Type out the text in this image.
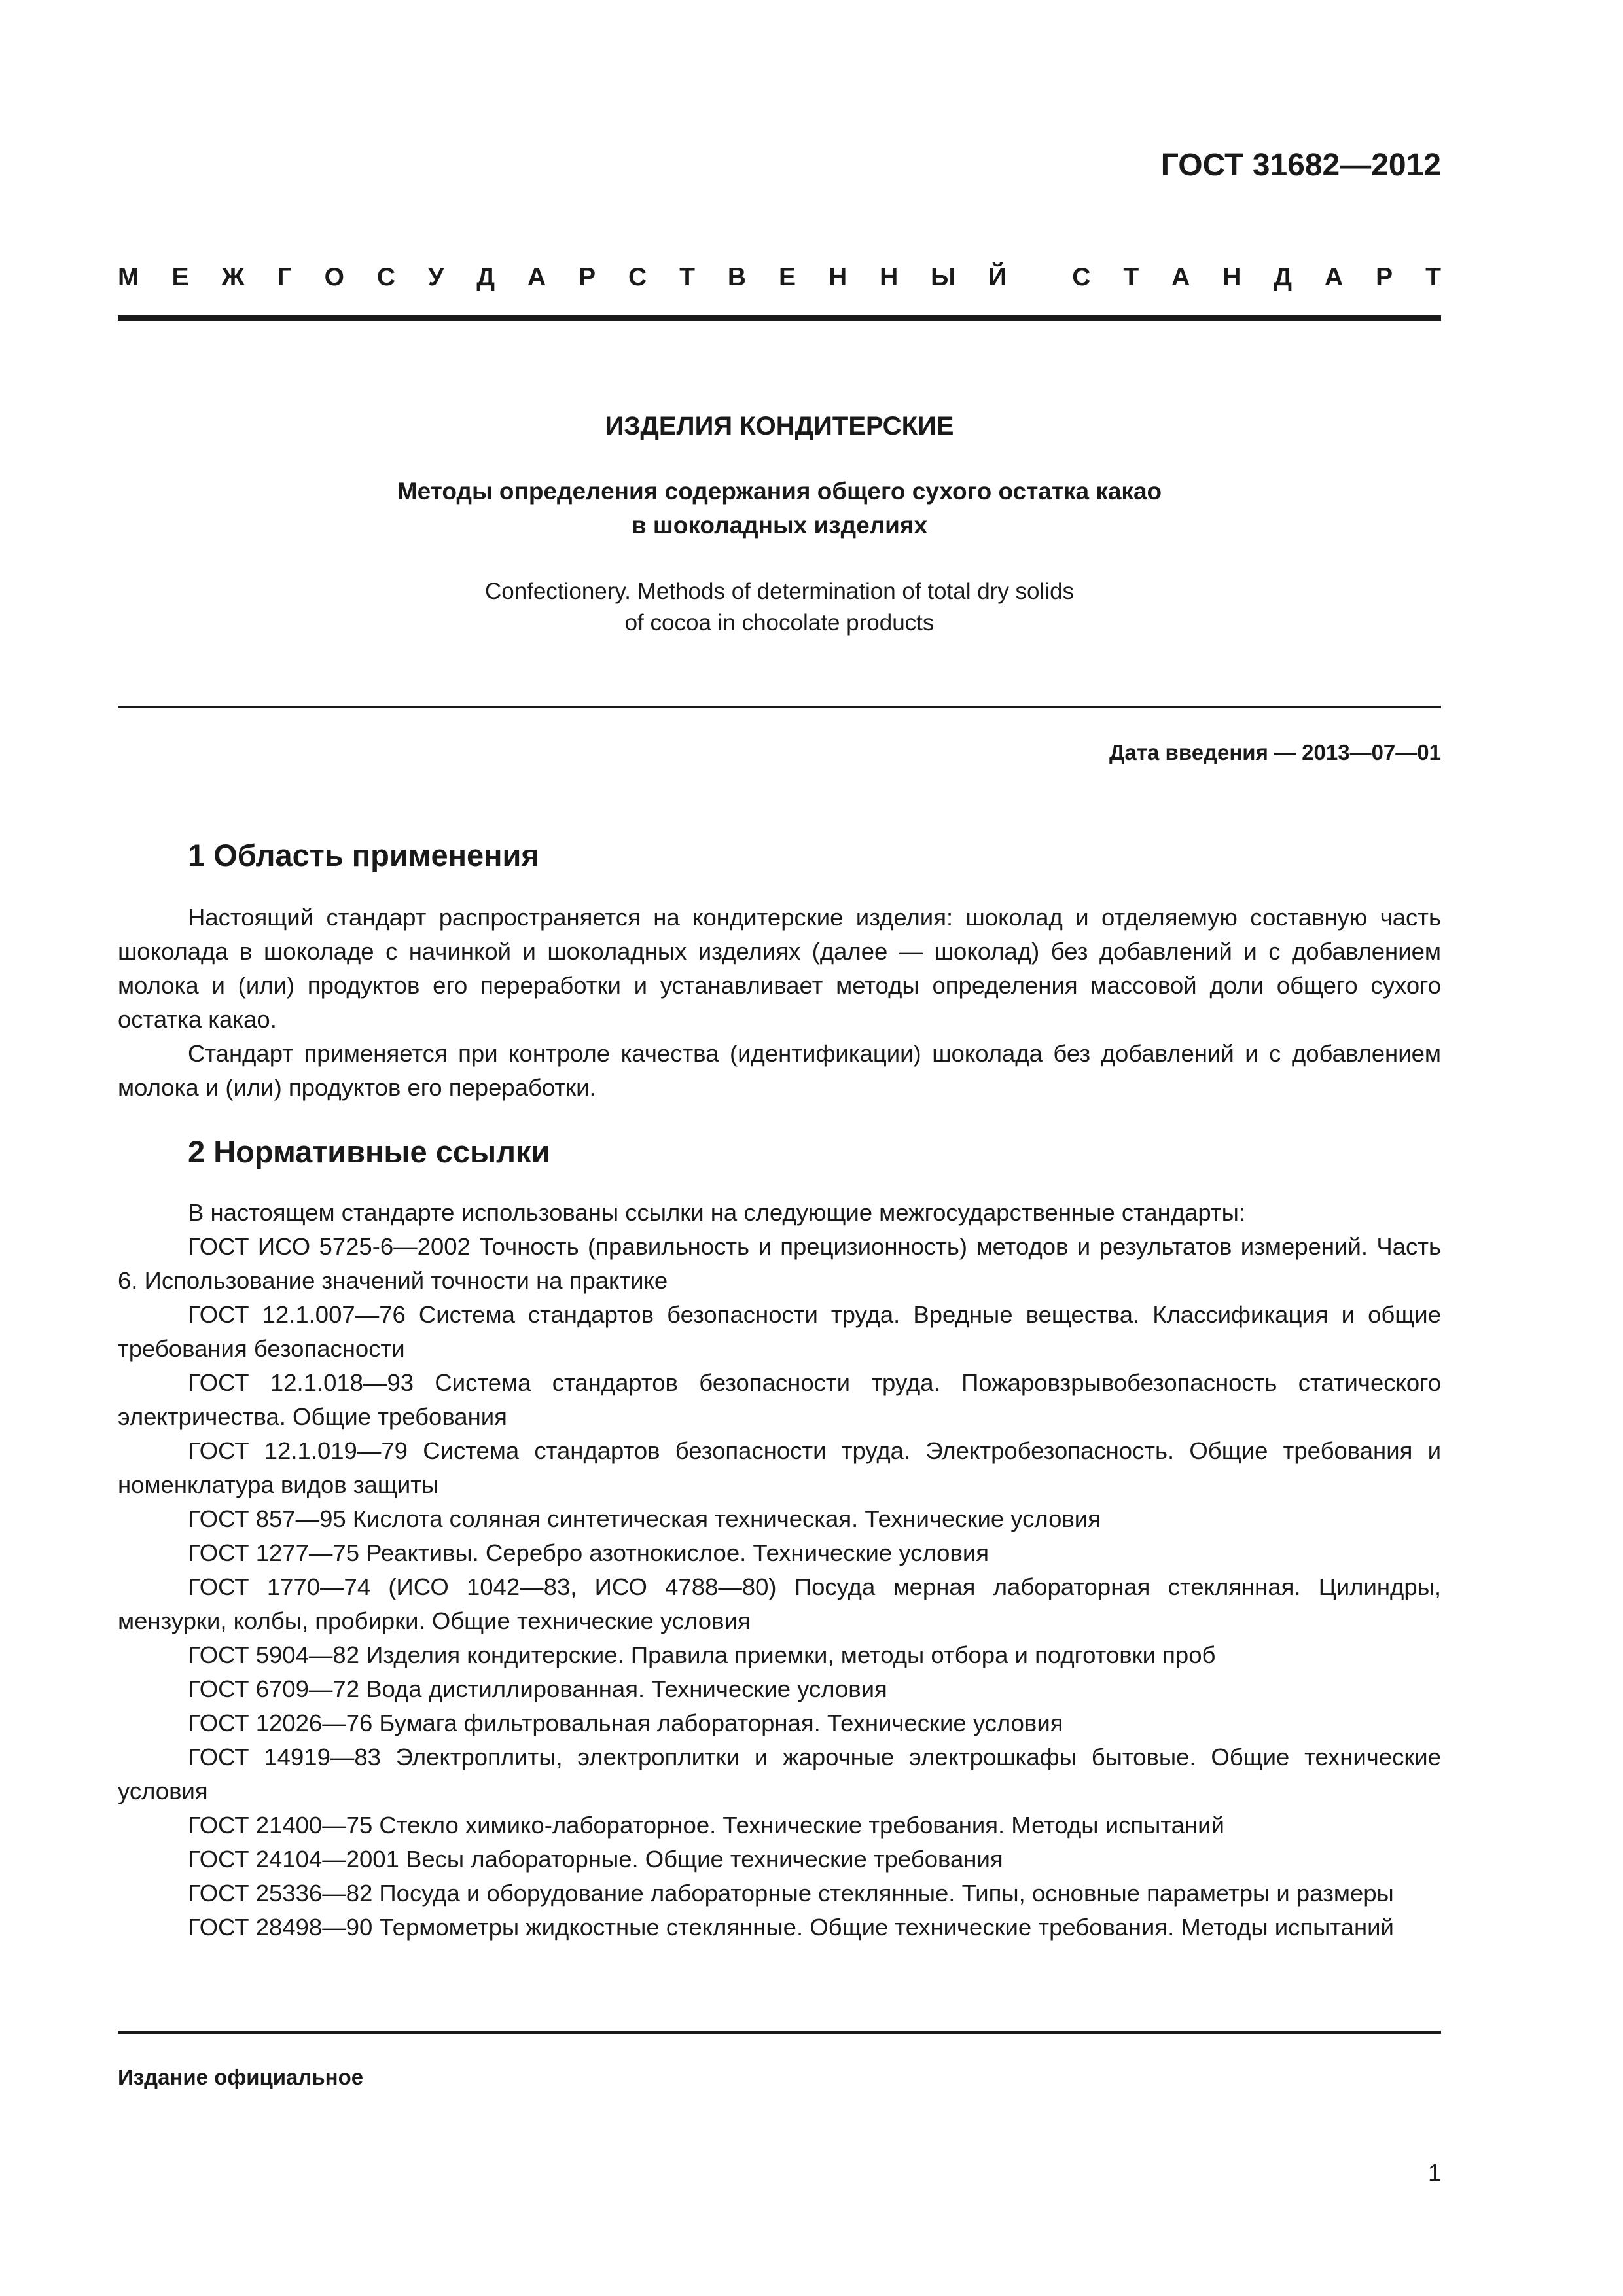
ГОСТ 31682—2012
М Е Ж Г О С У Д А Р С Т В Е Н Н Ы Й	С Т А Н Д А Р Т
ИЗДЕЛИЯ КОНДИТЕРСКИЕ
Методы определения содержания общего сухого остатка какао
в шоколадных изделиях
Confectionery. Methods of determination of total dry solids
of cocoa in chocolate products
Дата введения — 2013—07—01
1 Область применения
Настоящий стандарт распространяется на кондитерские изделия: шоколад и отделяемую составную часть шоколада в шоколаде с начинкой и шоколадных изделиях (далее — шоколад) без добавлений и с добавлением молока и (или) продуктов его переработки и устанавливает методы определения массовой доли общего сухого остатка какао.
Стандарт применяется при контроле качества (идентификации) шоколада без добавлений и с добавлением молока и (или) продуктов его переработки.
2 Нормативные ссылки
В настоящем стандарте использованы ссылки на следующие межгосударственные стандарты:
ГОСТ ИСО 5725-6—2002 Точность (правильность и прецизионность) методов и результатов измерений. Часть 6. Использование значений точности на практике
ГОСТ 12.1.007—76 Система стандартов безопасности труда. Вредные вещества. Классификация и общие требования безопасности
ГОСТ 12.1.018—93 Система стандартов безопасности труда. Пожаровзрывобезопасность статического электричества. Общие требования
ГОСТ 12.1.019—79 Система стандартов безопасности труда. Электробезопасность. Общие требования и номенклатура видов защиты
ГОСТ 857—95 Кислота соляная синтетическая техническая. Технические условия
ГОСТ 1277—75 Реактивы. Серебро азотнокислое. Технические условия
ГОСТ 1770—74 (ИСО 1042—83, ИСО 4788—80) Посуда мерная лабораторная стеклянная. Цилиндры, мензурки, колбы, пробирки. Общие технические условия
ГОСТ 5904—82 Изделия кондитерские. Правила приемки, методы отбора и подготовки проб
ГОСТ 6709—72 Вода дистиллированная. Технические условия
ГОСТ 12026—76 Бумага фильтровальная лабораторная. Технические условия
ГОСТ 14919—83 Электроплиты, электроплитки и жарочные электрошкафы бытовые. Общие технические условия
ГОСТ 21400—75 Стекло химико-лабораторное. Технические требования. Методы испытаний
ГОСТ 24104—2001 Весы лабораторные. Общие технические требования
ГОСТ 25336—82 Посуда и оборудование лабораторные стеклянные. Типы, основные параметры и размеры
ГОСТ 28498—90 Термометры жидкостные стеклянные. Общие технические требования. Методы испытаний
Издание официальное
1
